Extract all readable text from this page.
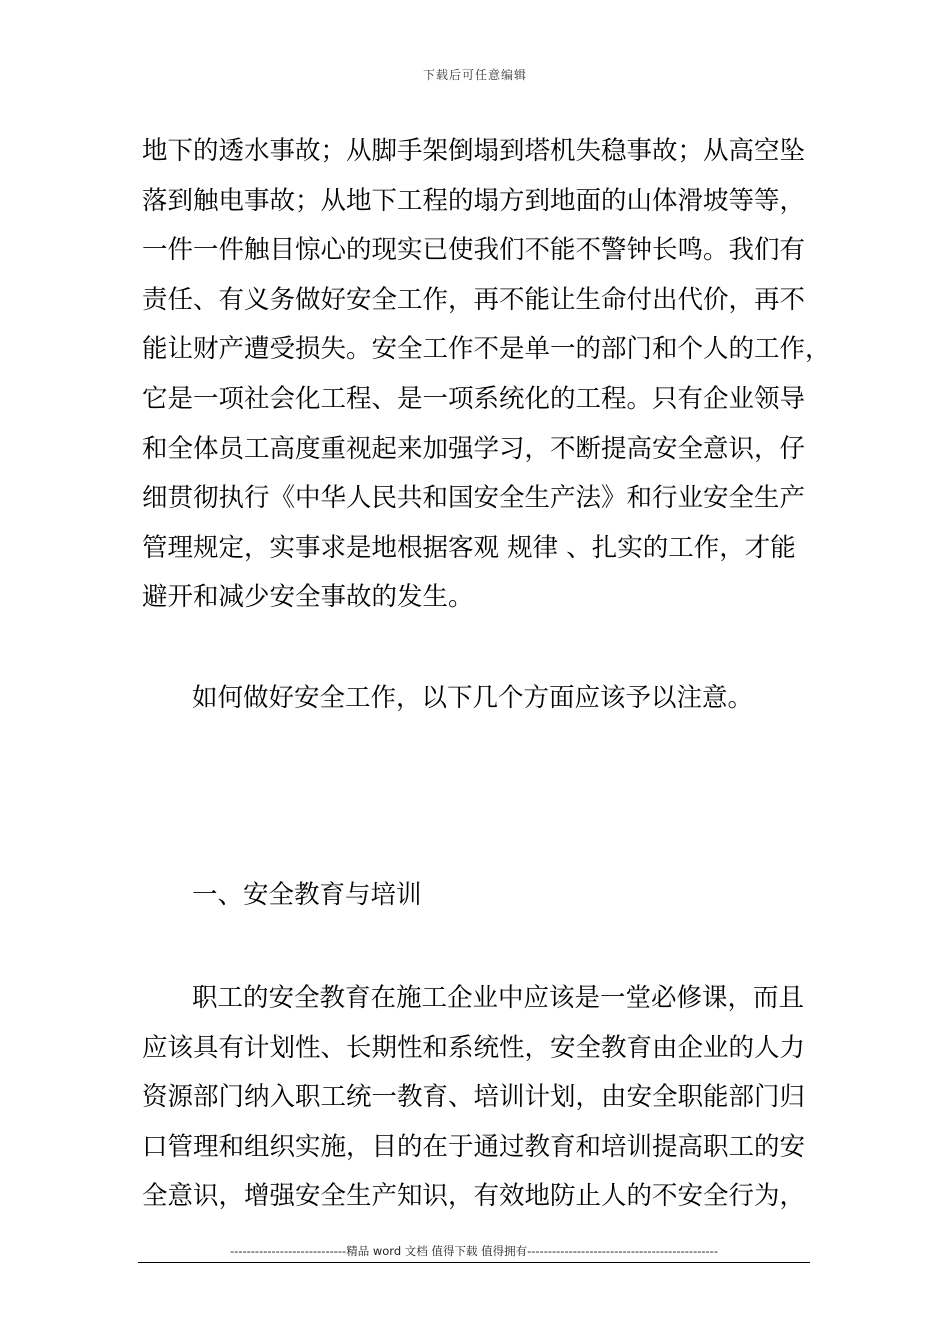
下载后可任意编辑
地下的透水事故；从脚手架倒塌到塔机失稳事故；从高空坠
落到触电事故；从地下工程的塌方到地面的山体滑坡等等，
一件一件触目惊心的现实已使我们不能不警钟长鸣。我们有
责任、有义务做好安全工作，再不能让生命付出代价，再不
能让财产遭受损失。安全工作不是单一的部门和个人的工作，
它是一项社会化工程、是一项系统化的工程。只有企业领导
和全体员工高度重视起来加强学习，不断提高安全意识，仔
细贯彻执行《中华人民共和国安全生产法》和行业安全生产
管理规定，实事求是地根据客观 规律 、扎实的工作，才能
避开和减少安全事故的发生。
如何做好安全工作，以下几个方面应该予以注意。
一、安全教育与培训
职工的安全教育在施工企业中应该是一堂必修课，而且
应该具有计划性、长期性和系统性，安全教育由企业的人力
资源部门纳入职工统一教育、培训计划，由安全职能部门归
口管理和组织实施，目的在于通过教育和培训提高职工的安
全意识，增强安全生产知识，有效地防止人的不安全行为，
----------------------------精品 word 文档 值得下载 值得拥有----------------------------------------------
